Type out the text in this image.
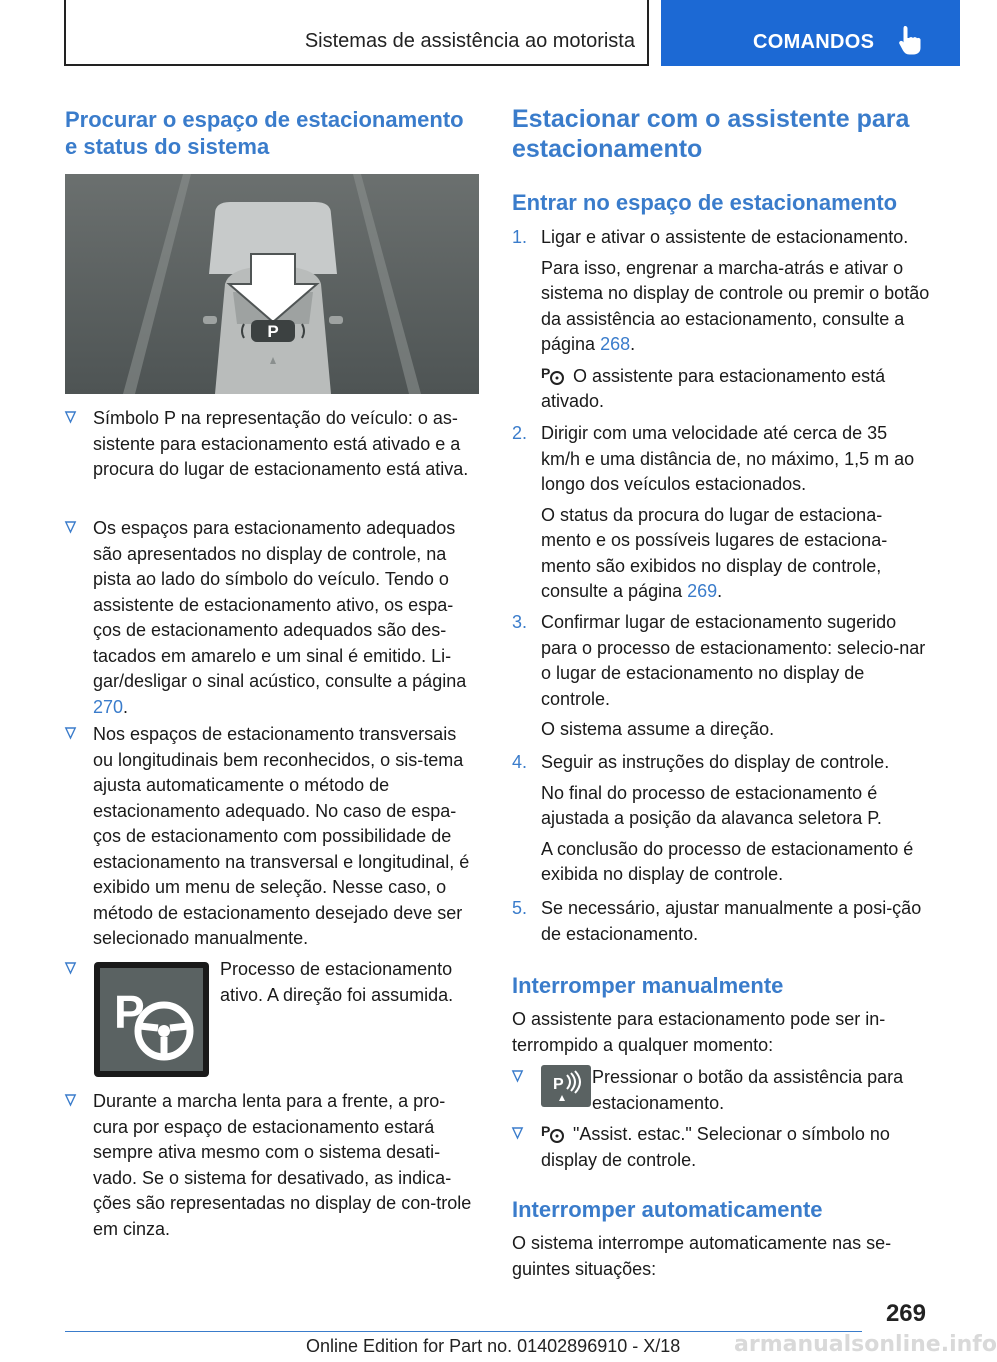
Sistemas de assistência ao motorista	COMANDOS
Procurar o espaço de estacionamento e status do sistema
P
Símbolo P na representação do veículo: o as-sistente para estacionamento está ativado e a procura do lugar de estacionamento está ativa.
Os espaços para estacionamento adequados são apresentados no display de controle, na pista ao lado do símbolo do veículo. Tendo o assistente de estacionamento ativo, os espa-ços de estacionamento adequados são des-tacados em amarelo e um sinal é emitido. Li-gar/desligar o sinal acústico, consulte a página 270.
Nos espaços de estacionamento transversais ou longitudinais bem reconhecidos, o sis-tema ajusta automaticamente o método de estacionamento adequado. No caso de espa-ços de estacionamento com possibilidade de estacionamento na transversal e longitudinal, é exibido um menu de seleção. Nesse caso, o método de estacionamento desejado deve ser selecionado manualmente.
Processo de estacionamento ativo. A direção foi assumida.
P
Durante a marcha lenta para a frente, a pro-cura por espaço de estacionamento estará sempre ativa mesmo com o sistema desati-vado. Se o sistema for desativado, as indica-ções são representadas no display de con-trole em cinza.
Estacionar com o assistente para estacionamento
Entrar no espaço de estacionamento
1. Ligar e ativar o assistente de estacionamento.
Para isso, engrenar a marcha-atrás e ativar o sistema no display de controle ou premir o botão da assistência ao estacionamento, consulte a página 268.
P O assistente para estacionamento está ativado.
2. Dirigir com uma velocidade até cerca de 35 km/h e uma distância de, no máximo, 1,5 m ao longo dos veículos estacionados.
O status da procura do lugar de estaciona-mento e os possíveis lugares de estaciona-mento são exibidos no display de controle, consulte a página 269.
3. Confirmar lugar de estacionamento sugerido para o processo de estacionamento: selecio-nar o lugar de estacionamento no display de controle.
O sistema assume a direção.
4. Seguir as instruções do display de controle.
No final do processo de estacionamento é ajustada a posição da alavanca seletora P.
A conclusão do processo de estacionamento é exibida no display de controle.
5. Se necessário, ajustar manualmente a posi-ção de estacionamento.
Interromper manualmente
O assistente para estacionamento pode ser in-terrompido a qualquer momento:
P Pressionar o botão da assistência para estacionamento.
P "Assist. estac." Selecionar o símbolo no display de controle.
Interromper automaticamente
O sistema interrompe automaticamente nas se-guintes situações:
269
Online Edition for Part no. 01402896910 - X/18 armanualsonline.info
